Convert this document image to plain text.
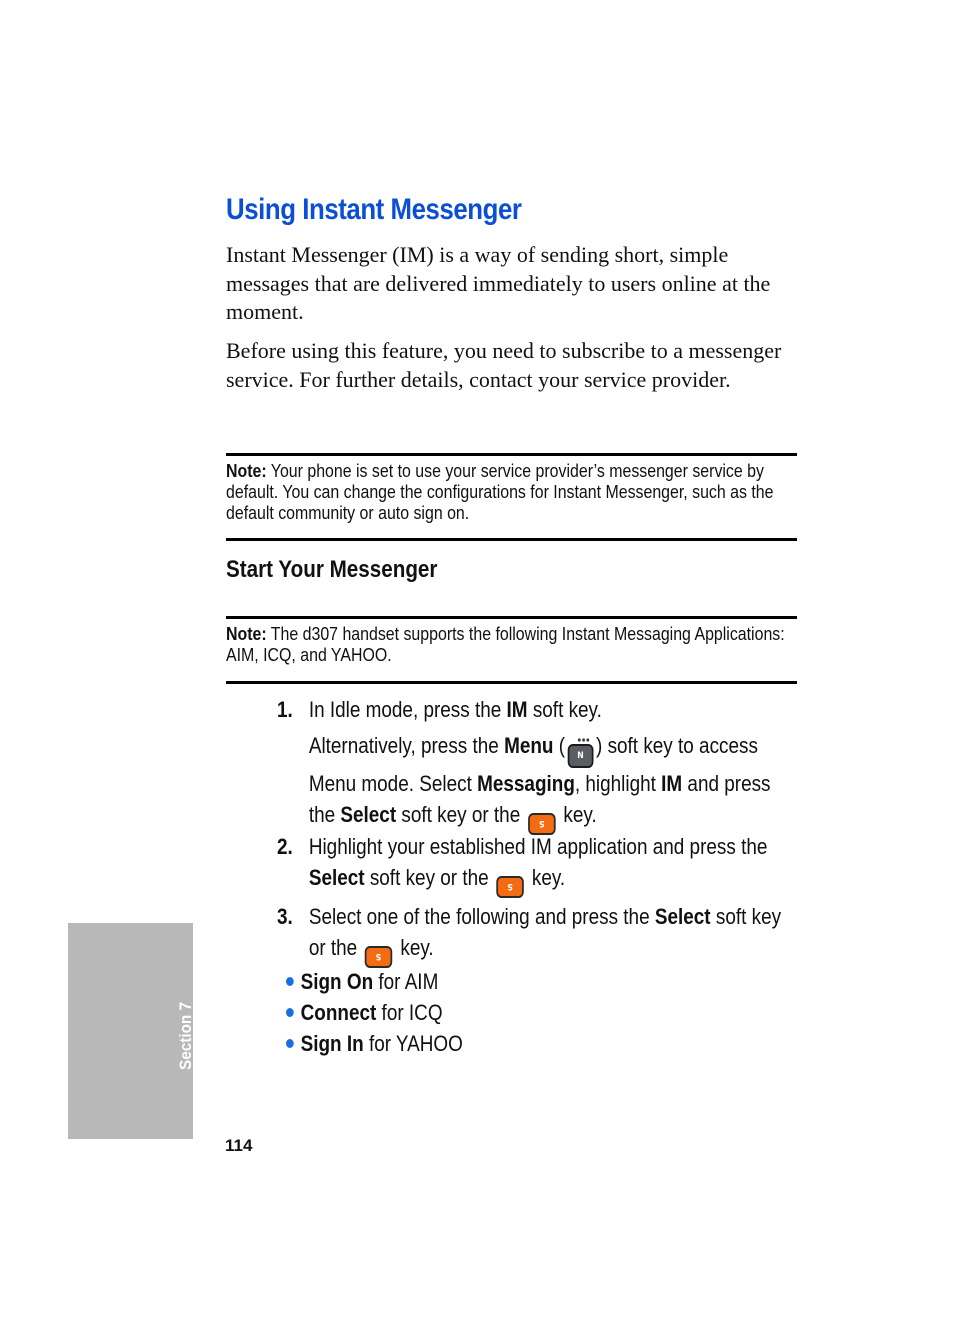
Using Instant Messenger

Instant Messenger (IM) is a way of sending short, simple messages that are delivered immediately to users online at the moment.

Before using this feature, you need to subscribe to a messenger service. For further details, contact your service provider.

Note: Your phone is set to use your service provider’s messenger service by default. You can change the configurations for Instant Messenger, such as the default community or auto sign on.

Start Your Messenger

Note: The d307 handset supports the following Instant Messaging Applications: AIM, ICQ, and YAHOO.

1. In Idle mode, press the IM soft key.
Alternatively, press the Menu ( N ) soft key to access Menu mode. Select Messaging, highlight IM and press the Select soft key or the S key.
2. Highlight your established IM application and press the Select soft key or the S key.
3. Select one of the following and press the Select soft key or the S key.
Sign On for AIM
Connect for ICQ
Sign In for YAHOO
Section 7

114
